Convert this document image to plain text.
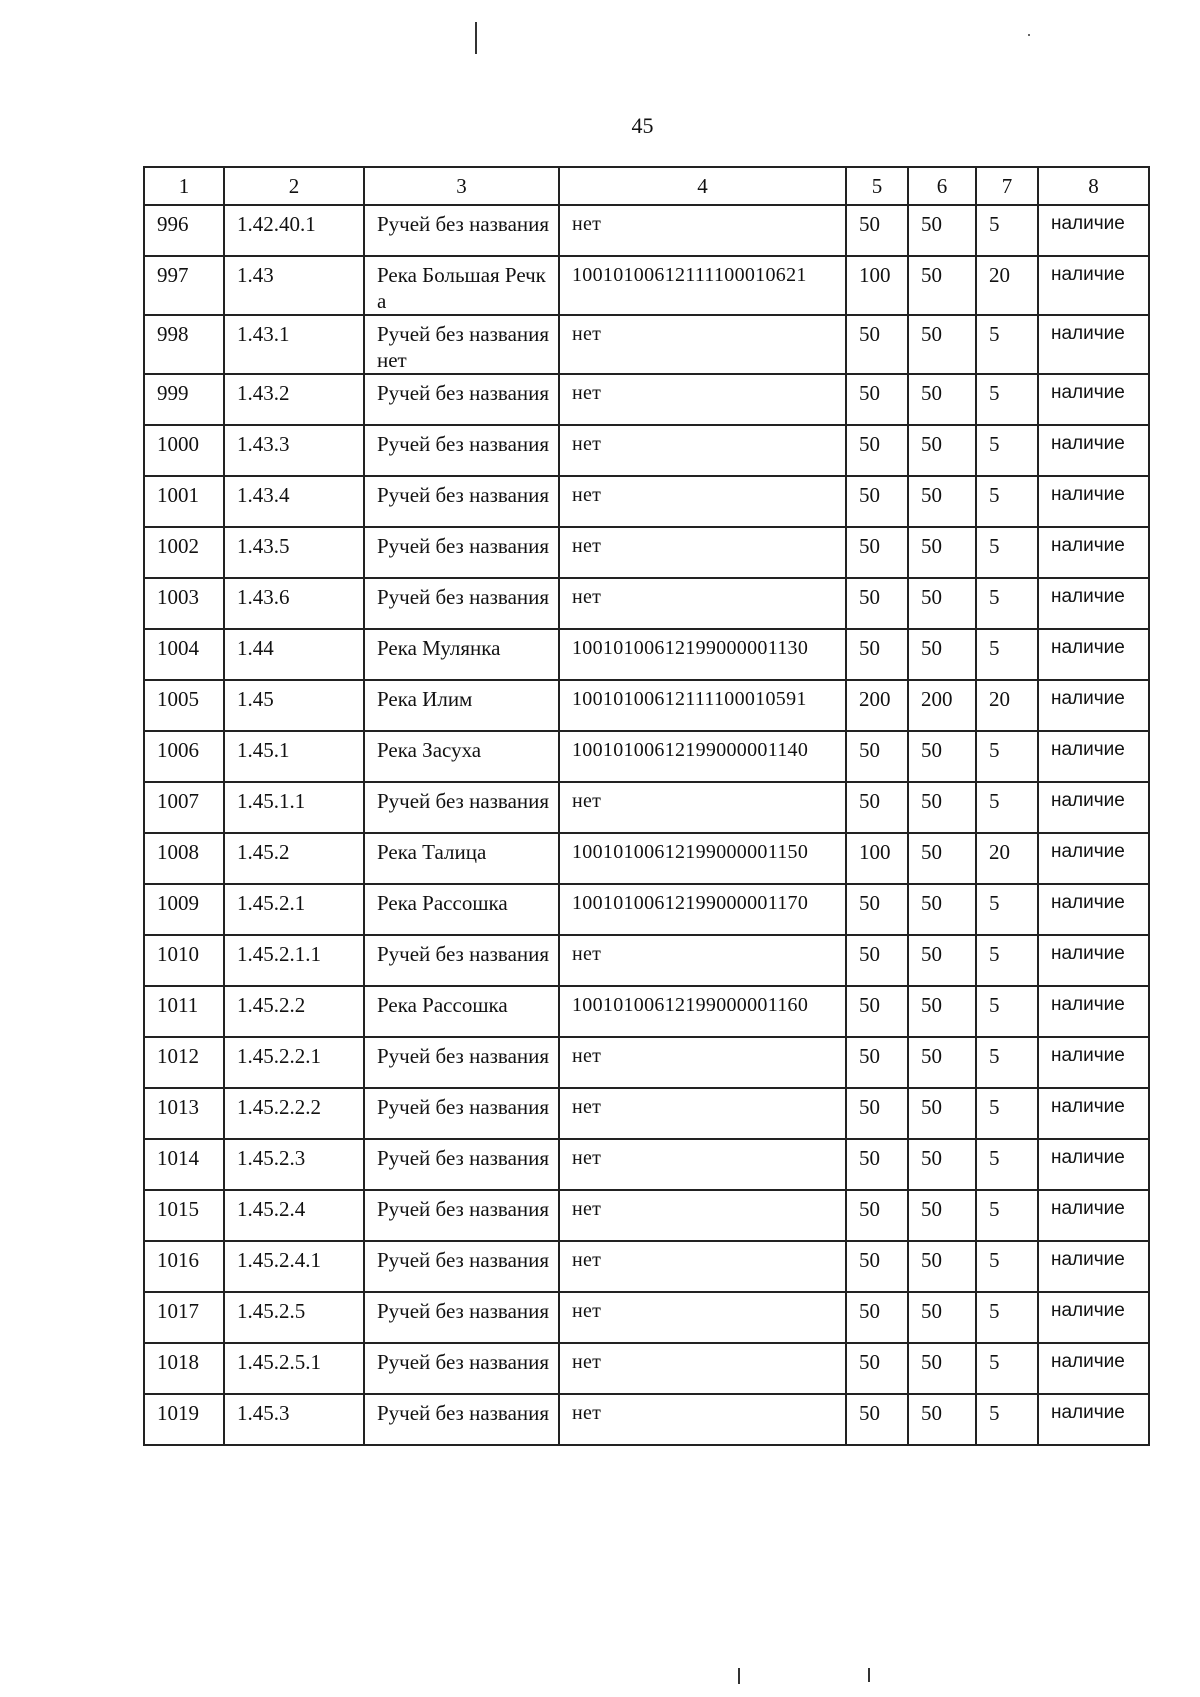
45
1	2	3	4	5	6	7	8
996	1.42.40.1	Ручей без названия	нет	50	50	5	наличие
997	1.43	Река Большая Речка	10010100612111100010621	100	50	20	наличие
998	1.43.1	Ручей без названиянет	нет	50	50	5	наличие
999	1.43.2	Ручей без названия	нет	50	50	5	наличие
1000	1.43.3	Ручей без названия	нет	50	50	5	наличие
1001	1.43.4	Ручей без названия	нет	50	50	5	наличие
1002	1.43.5	Ручей без названия	нет	50	50	5	наличие
1003	1.43.6	Ручей без названия	нет	50	50	5	наличие
1004	1.44	Река Мулянка	10010100612199000001130	50	50	5	наличие
1005	1.45	Река Илим	10010100612111100010591	200	200	20	наличие
1006	1.45.1	Река Засуха	10010100612199000001140	50	50	5	наличие
1007	1.45.1.1	Ручей без названия	нет	50	50	5	наличие
1008	1.45.2	Река Талица	10010100612199000001150	100	50	20	наличие
1009	1.45.2.1	Река Рассошка	10010100612199000001170	50	50	5	наличие
1010	1.45.2.1.1	Ручей без названия	нет	50	50	5	наличие
1011	1.45.2.2	Река Рассошка	10010100612199000001160	50	50	5	наличие
1012	1.45.2.2.1	Ручей без названия	нет	50	50	5	наличие
1013	1.45.2.2.2	Ручей без названия	нет	50	50	5	наличие
1014	1.45.2.3	Ручей без названия	нет	50	50	5	наличие
1015	1.45.2.4	Ручей без названия	нет	50	50	5	наличие
1016	1.45.2.4.1	Ручей без названия	нет	50	50	5	наличие
1017	1.45.2.5	Ручей без названия	нет	50	50	5	наличие
1018	1.45.2.5.1	Ручей без названия	нет	50	50	5	наличие
1019	1.45.3	Ручей без названия	нет	50	50	5	наличие
